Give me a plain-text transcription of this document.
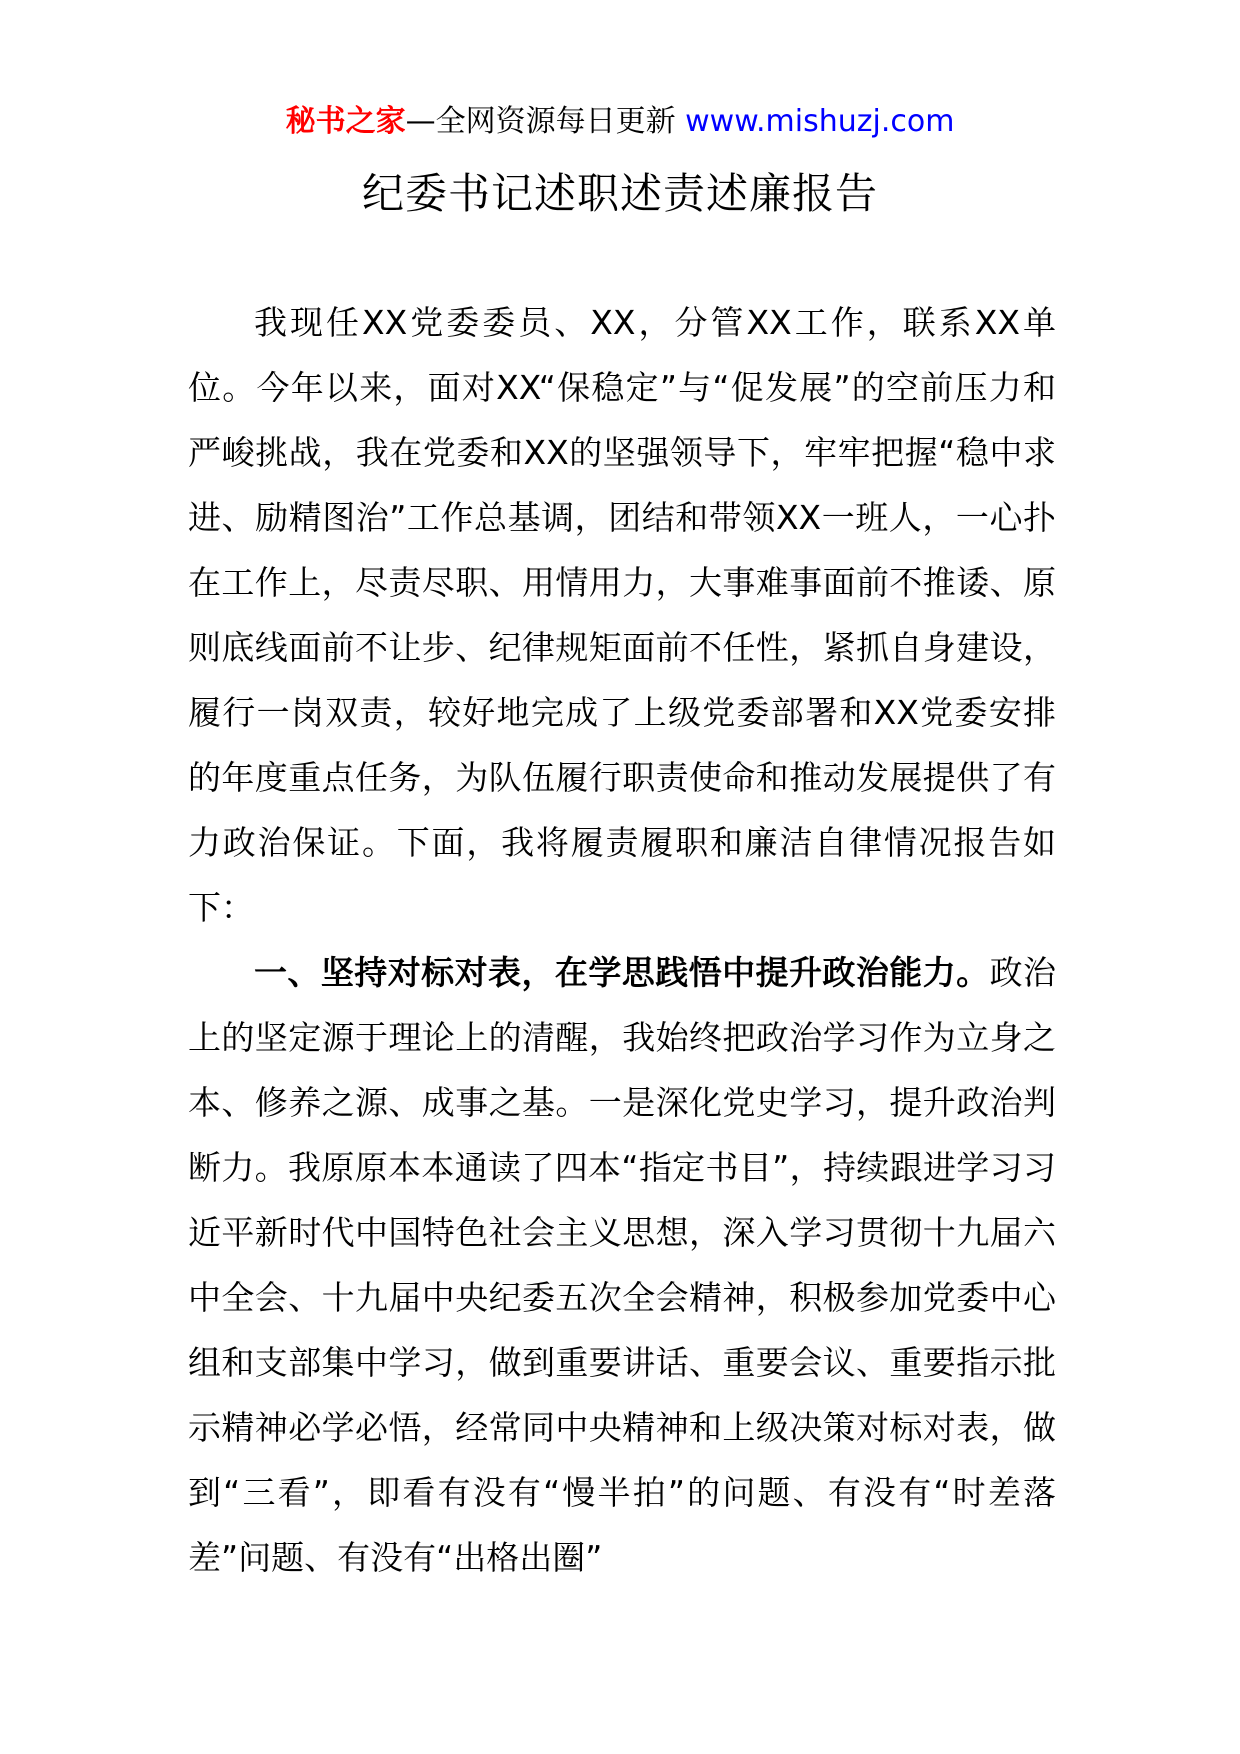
秘书之家—全网资源每日更新 www.mishuzj.com
纪委书记述职述责述廉报告

我现任XX党委委员、XX，分管XX工作，联系XX单位。今年以来，面对XX“保稳定”与“促发展”的空前压力和严峻挑战，我在党委和XX的坚强领导下，牢牢把握“稳中求进、励精图治”工作总基调，团结和带领XX一班人，一心扑在工作上，尽责尽职、用情用力，大事难事面前不推诿、原则底线面前不让步、纪律规矩面前不任性，紧抓自身建设，履行一岗双责，较好地完成了上级党委部署和XX党委安排的年度重点任务，为队伍履行职责使命和推动发展提供了有力政治保证。下面，我将履责履职和廉洁自律情况报告如下：

一、坚持对标对表，在学思践悟中提升政治能力。政治上的坚定源于理论上的清醒，我始终把政治学习作为立身之本、修养之源、成事之基。一是深化党史学习，提升政治判断力。我原原本本通读了四本“指定书目”，持续跟进学习习近平新时代中国特色社会主义思想，深入学习贯彻十九届六中全会、十九届中央纪委五次全会精神，积极参加党委中心组和支部集中学习，做到重要讲话、重要会议、重要指示批示精神必学必悟，经常同中央精神和上级决策对标对表，做到“三看”，即看有没有“慢半拍”的问题、有没有“时差落差”问题、有没有“出格出圈”
